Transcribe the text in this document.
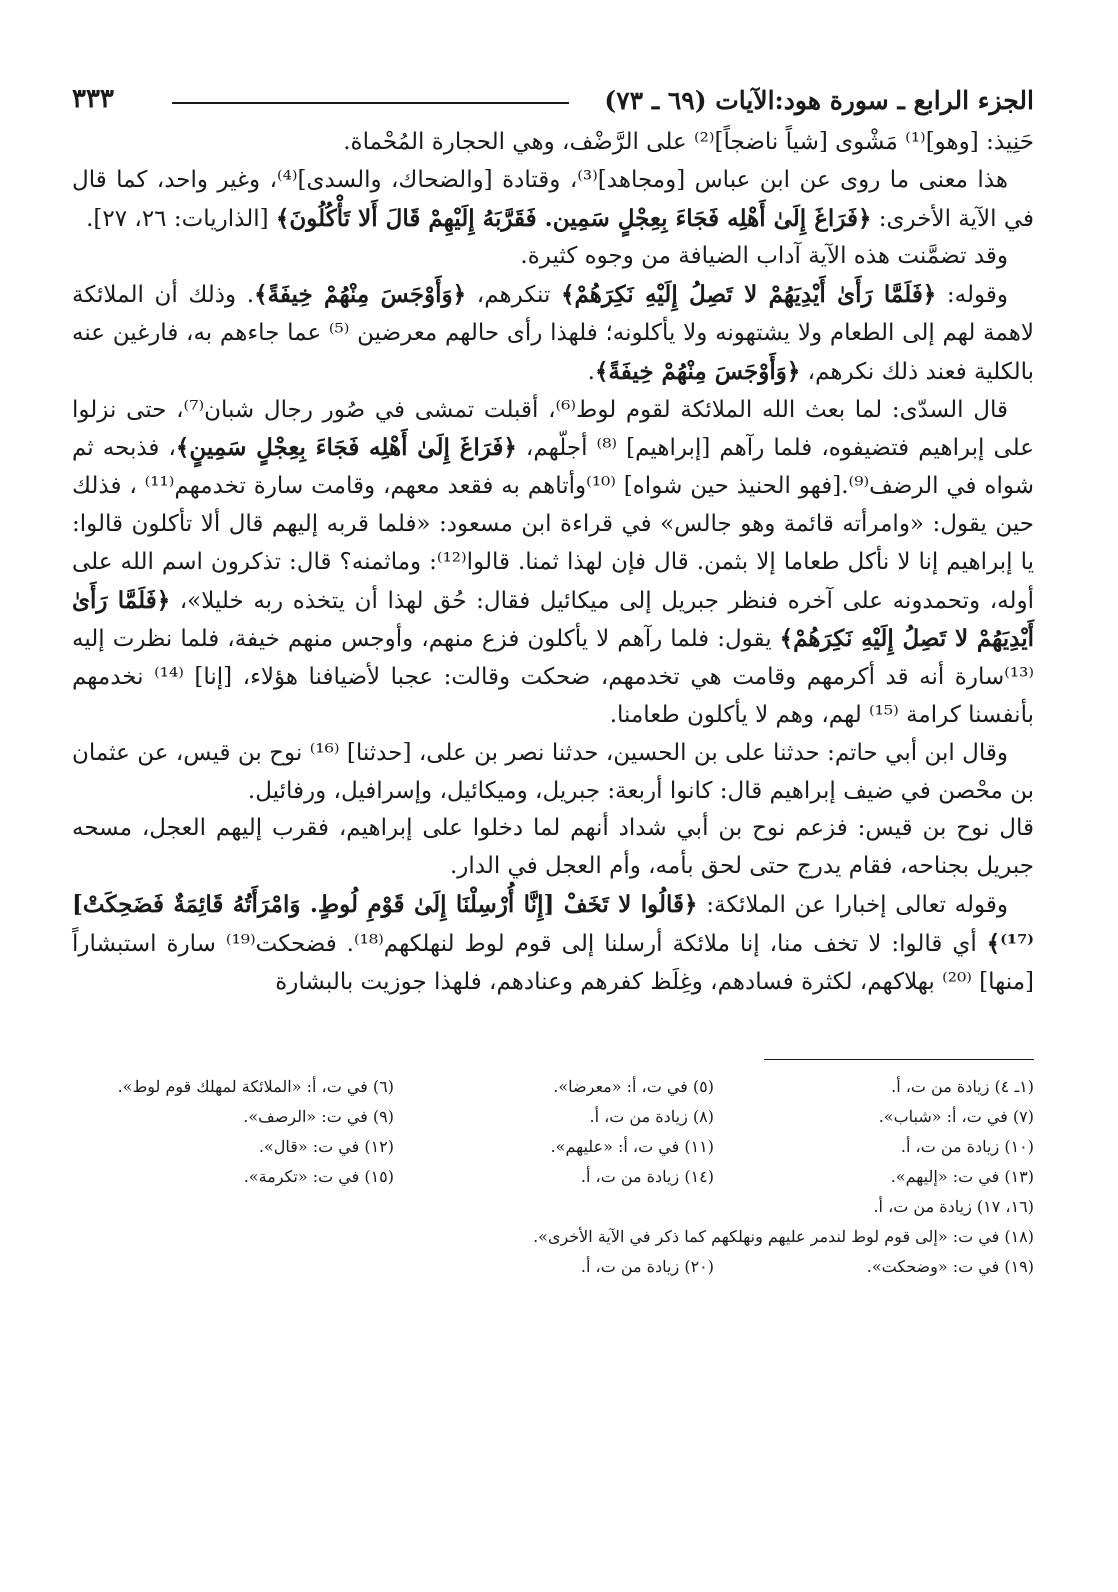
الجزء الرابع ـ سورة هود:الآيات (٦٩ ـ ٧٣)
٣٣٣

حَنِيذ: [وهو]⁽¹⁾ مَشْوى [شياً ناضجاً]⁽²⁾ على الرَّضْف، وهي الحجارة المُحْماة.

هذا معنى ما روى عن ابن عباس [ومجاهد]⁽³⁾، وقتادة [والضحاك، والسدى]⁽⁴⁾، وغير واحد، كما قال في الآية الأخرى: ﴿فَرَاغَ إِلَىٰ أَهْلِه فَجَاءَ بِعِجْلٍ سَمِين. فَقَرَّبَهُ إِلَيْهِمْ قَالَ أَلا تَأْكُلُونَ﴾ [الذاريات: ٢٦، ٢٧].

وقد تضمَّنت هذه الآية آداب الضيافة من وجوه كثيرة.

وقوله: ﴿فَلَمَّا رَأَىٰ أَيْدِيَهُمْ لا تَصِلُ إِلَيْهِ نَكِرَهُمْ﴾ تنكرهم، ﴿وَأَوْجَسَ مِنْهُمْ خِيفَةً﴾. وذلك أن الملائكة لاهمة لهم إلى الطعام ولا يشتهونه ولا يأكلونه؛ فلهذا رأى حالهم معرضين ⁽⁵⁾ عما جاءهم به، فارغين عنه بالكلية فعند ذلك نكرهم، ﴿وَأَوْجَسَ مِنْهُمْ خِيفَةً﴾.

قال السدّى: لما بعث الله الملائكة لقوم لوط⁽⁶⁾، أقبلت تمشى في صُور رجال شبان⁽⁷⁾، حتى نزلوا على إبراهيم فتضيفوه، فلما رآهم [إبراهيم] ⁽⁸⁾ أجلّهم، ﴿فَرَاغَ إِلَىٰ أَهْلِه فَجَاءَ بِعِجْلٍ سَمِينٍ﴾، فذبحه ثم شواه في الرضف⁽⁹⁾.[فهو الحنيذ حين شواه] ⁽¹⁰⁾وأتاهم به فقعد معهم، وقامت سارة تخدمهم⁽¹¹⁾ ، فذلك حين يقول: «وامرأته قائمة وهو جالس» في قراءة ابن مسعود: «فلما قربه إليهم قال ألا تأكلون قالوا: يا إبراهيم إنا لا نأكل طعاما إلا بثمن. قال فإن لهذا ثمنا. قالوا⁽¹²⁾: وماثمنه؟ قال: تذكرون اسم الله على أوله، وتحمدونه على آخره فنظر جبريل إلى ميكائيل فقال: حُق لهذا أن يتخذه ربه خليلا»، ﴿فَلَمَّا رَأَىٰ أَيْدِيَهُمْ لا تَصِلُ إِلَيْهِ نَكِرَهُمْ﴾ يقول: فلما رآهم لا يأكلون فزع منهم، وأوجس منهم خيفة، فلما نظرت إليه ⁽¹³⁾سارة أنه قد أكرمهم وقامت هي تخدمهم، ضحكت وقالت: عجبا لأضيافنا هؤلاء، [إنا] ⁽¹⁴⁾ نخدمهم بأنفسنا كرامة ⁽¹⁵⁾ لهم، وهم لا يأكلون طعامنا.

وقال ابن أبي حاتم: حدثنا على بن الحسين، حدثنا نصر بن على، [حدثنا] ⁽¹⁶⁾ نوح بن قيس، عن عثمان بن محْصن في ضيف إبراهيم قال: كانوا أربعة: جبريل، وميكائيل، وإسرافيل، ورفائيل.

قال نوح بن قيس: فزعم نوح بن أبي شداد أنهم لما دخلوا على إبراهيم، فقرب إليهم العجل، مسحه جبريل بجناحه، فقام يدرج حتى لحق بأمه، وأم العجل في الدار.

وقوله تعالى إخبارا عن الملائكة: ﴿قَالُوا لا تَخَفْ [إِنَّا أُرْسِلْنَا إِلَىٰ قَوْمِ لُوطٍ. وَامْرَأَتُهُ قَائِمَةٌ فَضَحِكَتْ]⁽¹⁷⁾﴾ أي قالوا: لا تخف منا، إنا ملائكة أرسلنا إلى قوم لوط لنهلكهم⁽¹⁸⁾. فضحكت⁽¹⁹⁾ سارة استبشاراً [منها] ⁽²⁰⁾ بهلاكهم، لكثرة فسادهم، وغِلَظ كفرهم وعنادهم، فلهذا جوزيت بالبشارة

(١ـ ٤) زيادة من ت، أ.
(٥) في ت، أ: «معرضا».
(٦) في ت، أ: «الملائكة لمهلك قوم لوط».
(٧) في ت، أ: «شباب».
(٨) زيادة من ت، أ.
(٩) في ت: «الرصف».
(١٠) زيادة من ت، أ.
(١١) في ت، أ: «عليهم».
(١٢) في ت: «قال».
(١٣) في ت: «إليهم».
(١٤) زيادة من ت، أ.
(١٥) في ت: «تكرمة».
(١٦، ١٧) زيادة من ت، أ.
(١٨) في ت: «إلى قوم لوط لندمر عليهم ونهلكهم كما ذكر في الآية الأخرى».
(١٩) في ت: «وضحكت».
(٢٠) زيادة من ت، أ.
